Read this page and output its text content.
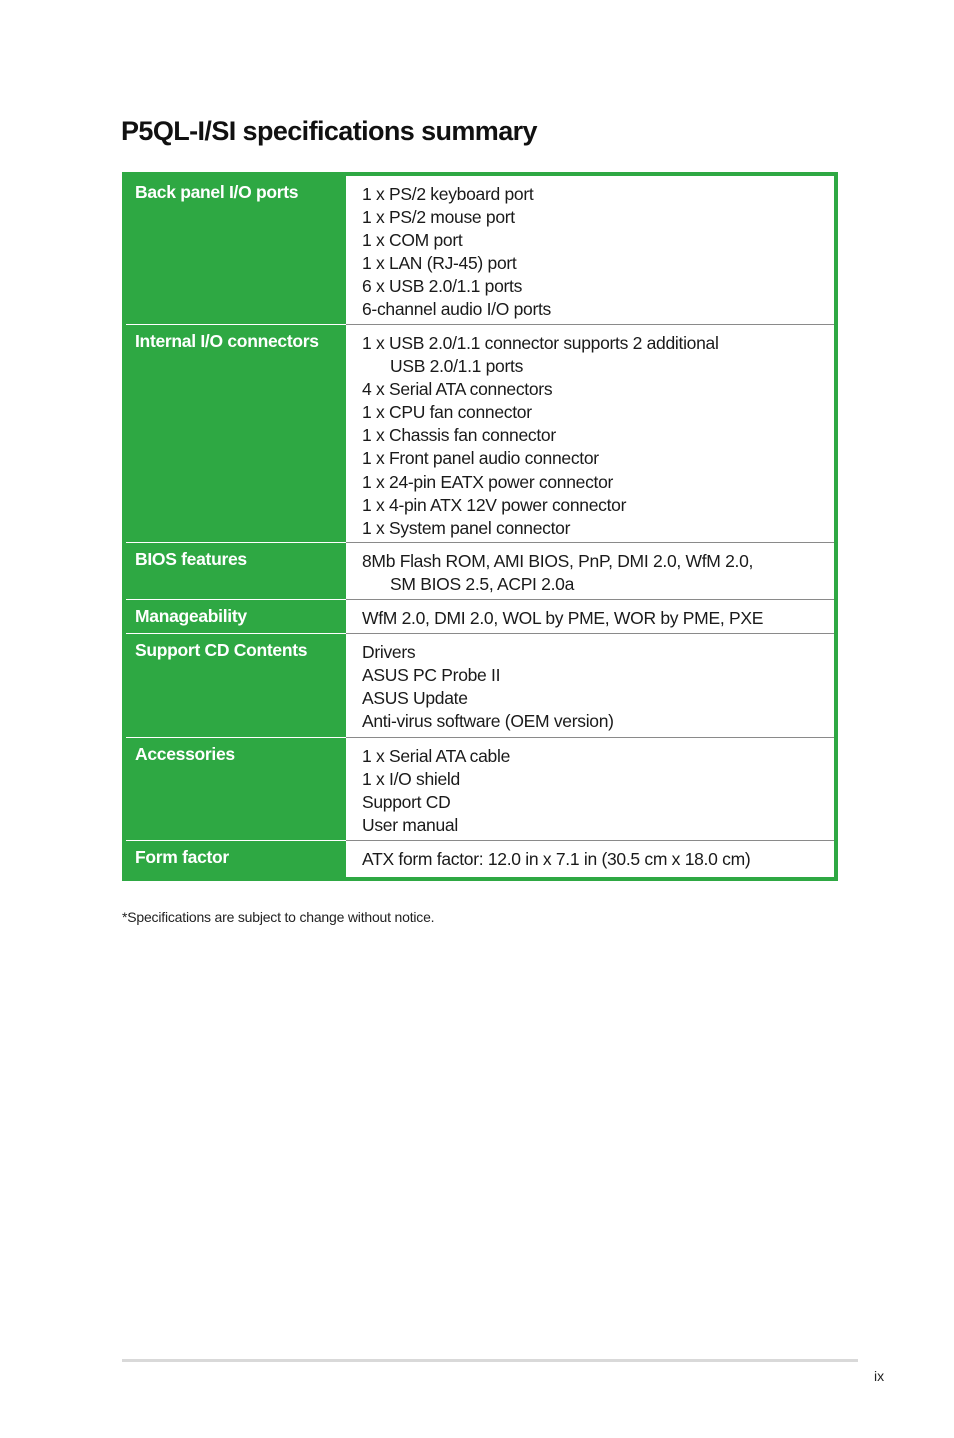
P5QL-I/SI specifications summary
Back panel I/O ports	1 x PS/2 keyboard port
1 x PS/2 mouse port
1 x COM port
1 x LAN (RJ-45) port
6 x USB 2.0/1.1 ports
6-channel audio I/O ports
Internal I/O connectors	1 x USB 2.0/1.1 connector supports 2 additional
USB 2.0/1.1 ports
4 x Serial ATA connectors
1 x CPU fan connector
1 x Chassis fan connector
1 x Front panel audio connector
1 x 24-pin EATX power connector
1 x 4-pin ATX 12V power connector
1 x System panel connector
BIOS features	8Mb Flash ROM, AMI BIOS, PnP, DMI 2.0, WfM 2.0,
SM BIOS 2.5, ACPI 2.0a
Manageability	WfM 2.0, DMI 2.0, WOL by PME, WOR by PME, PXE
Support CD Contents	Drivers
ASUS PC Probe II
ASUS Update
Anti-virus software (OEM version)
Accessories	1 x Serial ATA cable
1 x I/O shield
Support CD
User manual
Form factor	ATX form factor: 12.0 in x 7.1 in (30.5 cm x 18.0 cm)
*Specifications are subject to change without notice.
ix
